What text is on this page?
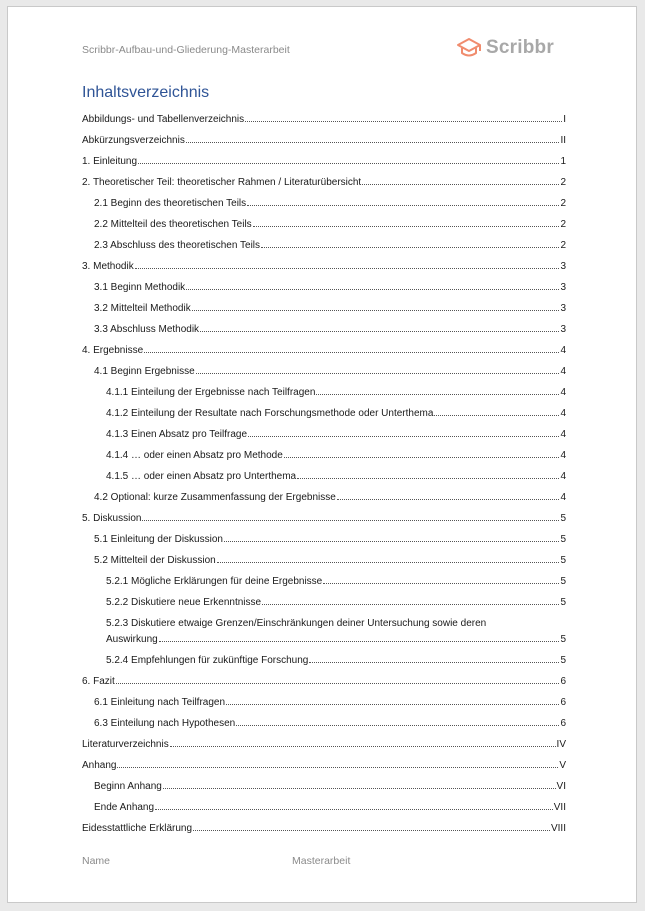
Scribbr-Aufbau-und-Gliederung-Masterarbeit	Scribbr
Inhaltsverzeichnis
Abbildungs- und Tabellenverzeichnis	I
Abkürzungsverzeichnis	II
1. Einleitung	1
2. Theoretischer Teil: theoretischer Rahmen / Literaturübersicht	2
2.1 Beginn des theoretischen Teils	2
2.2 Mittelteil des theoretischen Teils	2
2.3 Abschluss des theoretischen Teils	2
3. Methodik	3
3.1 Beginn Methodik	3
3.2 Mittelteil Methodik	3
3.3 Abschluss Methodik	3
4. Ergebnisse	4
4.1 Beginn Ergebnisse	4
4.1.1 Einteilung der Ergebnisse nach Teilfragen	4
4.1.2 Einteilung der Resultate nach Forschungsmethode oder Unterthema	4
4.1.3 Einen Absatz pro Teilfrage	4
4.1.4 … oder einen Absatz pro Methode	4
4.1.5 … oder einen Absatz pro Unterthema	4
4.2 Optional: kurze Zusammenfassung der Ergebnisse	4
5. Diskussion	5
5.1 Einleitung der Diskussion	5
5.2 Mittelteil der Diskussion	5
5.2.1 Mögliche Erklärungen für deine Ergebnisse	5
5.2.2 Diskutiere neue Erkenntnisse	5
5.2.3 Diskutiere etwaige Grenzen/Einschränkungen deiner Untersuchung sowie deren
Auswirkung	5
5.2.4 Empfehlungen für zukünftige Forschung	5
6. Fazit	6
6.1 Einleitung nach Teilfragen	6
6.3 Einteilung nach Hypothesen	6
Literaturverzeichnis	IV
Anhang	V
Beginn Anhang	VI
Ende Anhang	VII
Eidesstattliche Erklärung	VIII
Name	Masterarbeit
